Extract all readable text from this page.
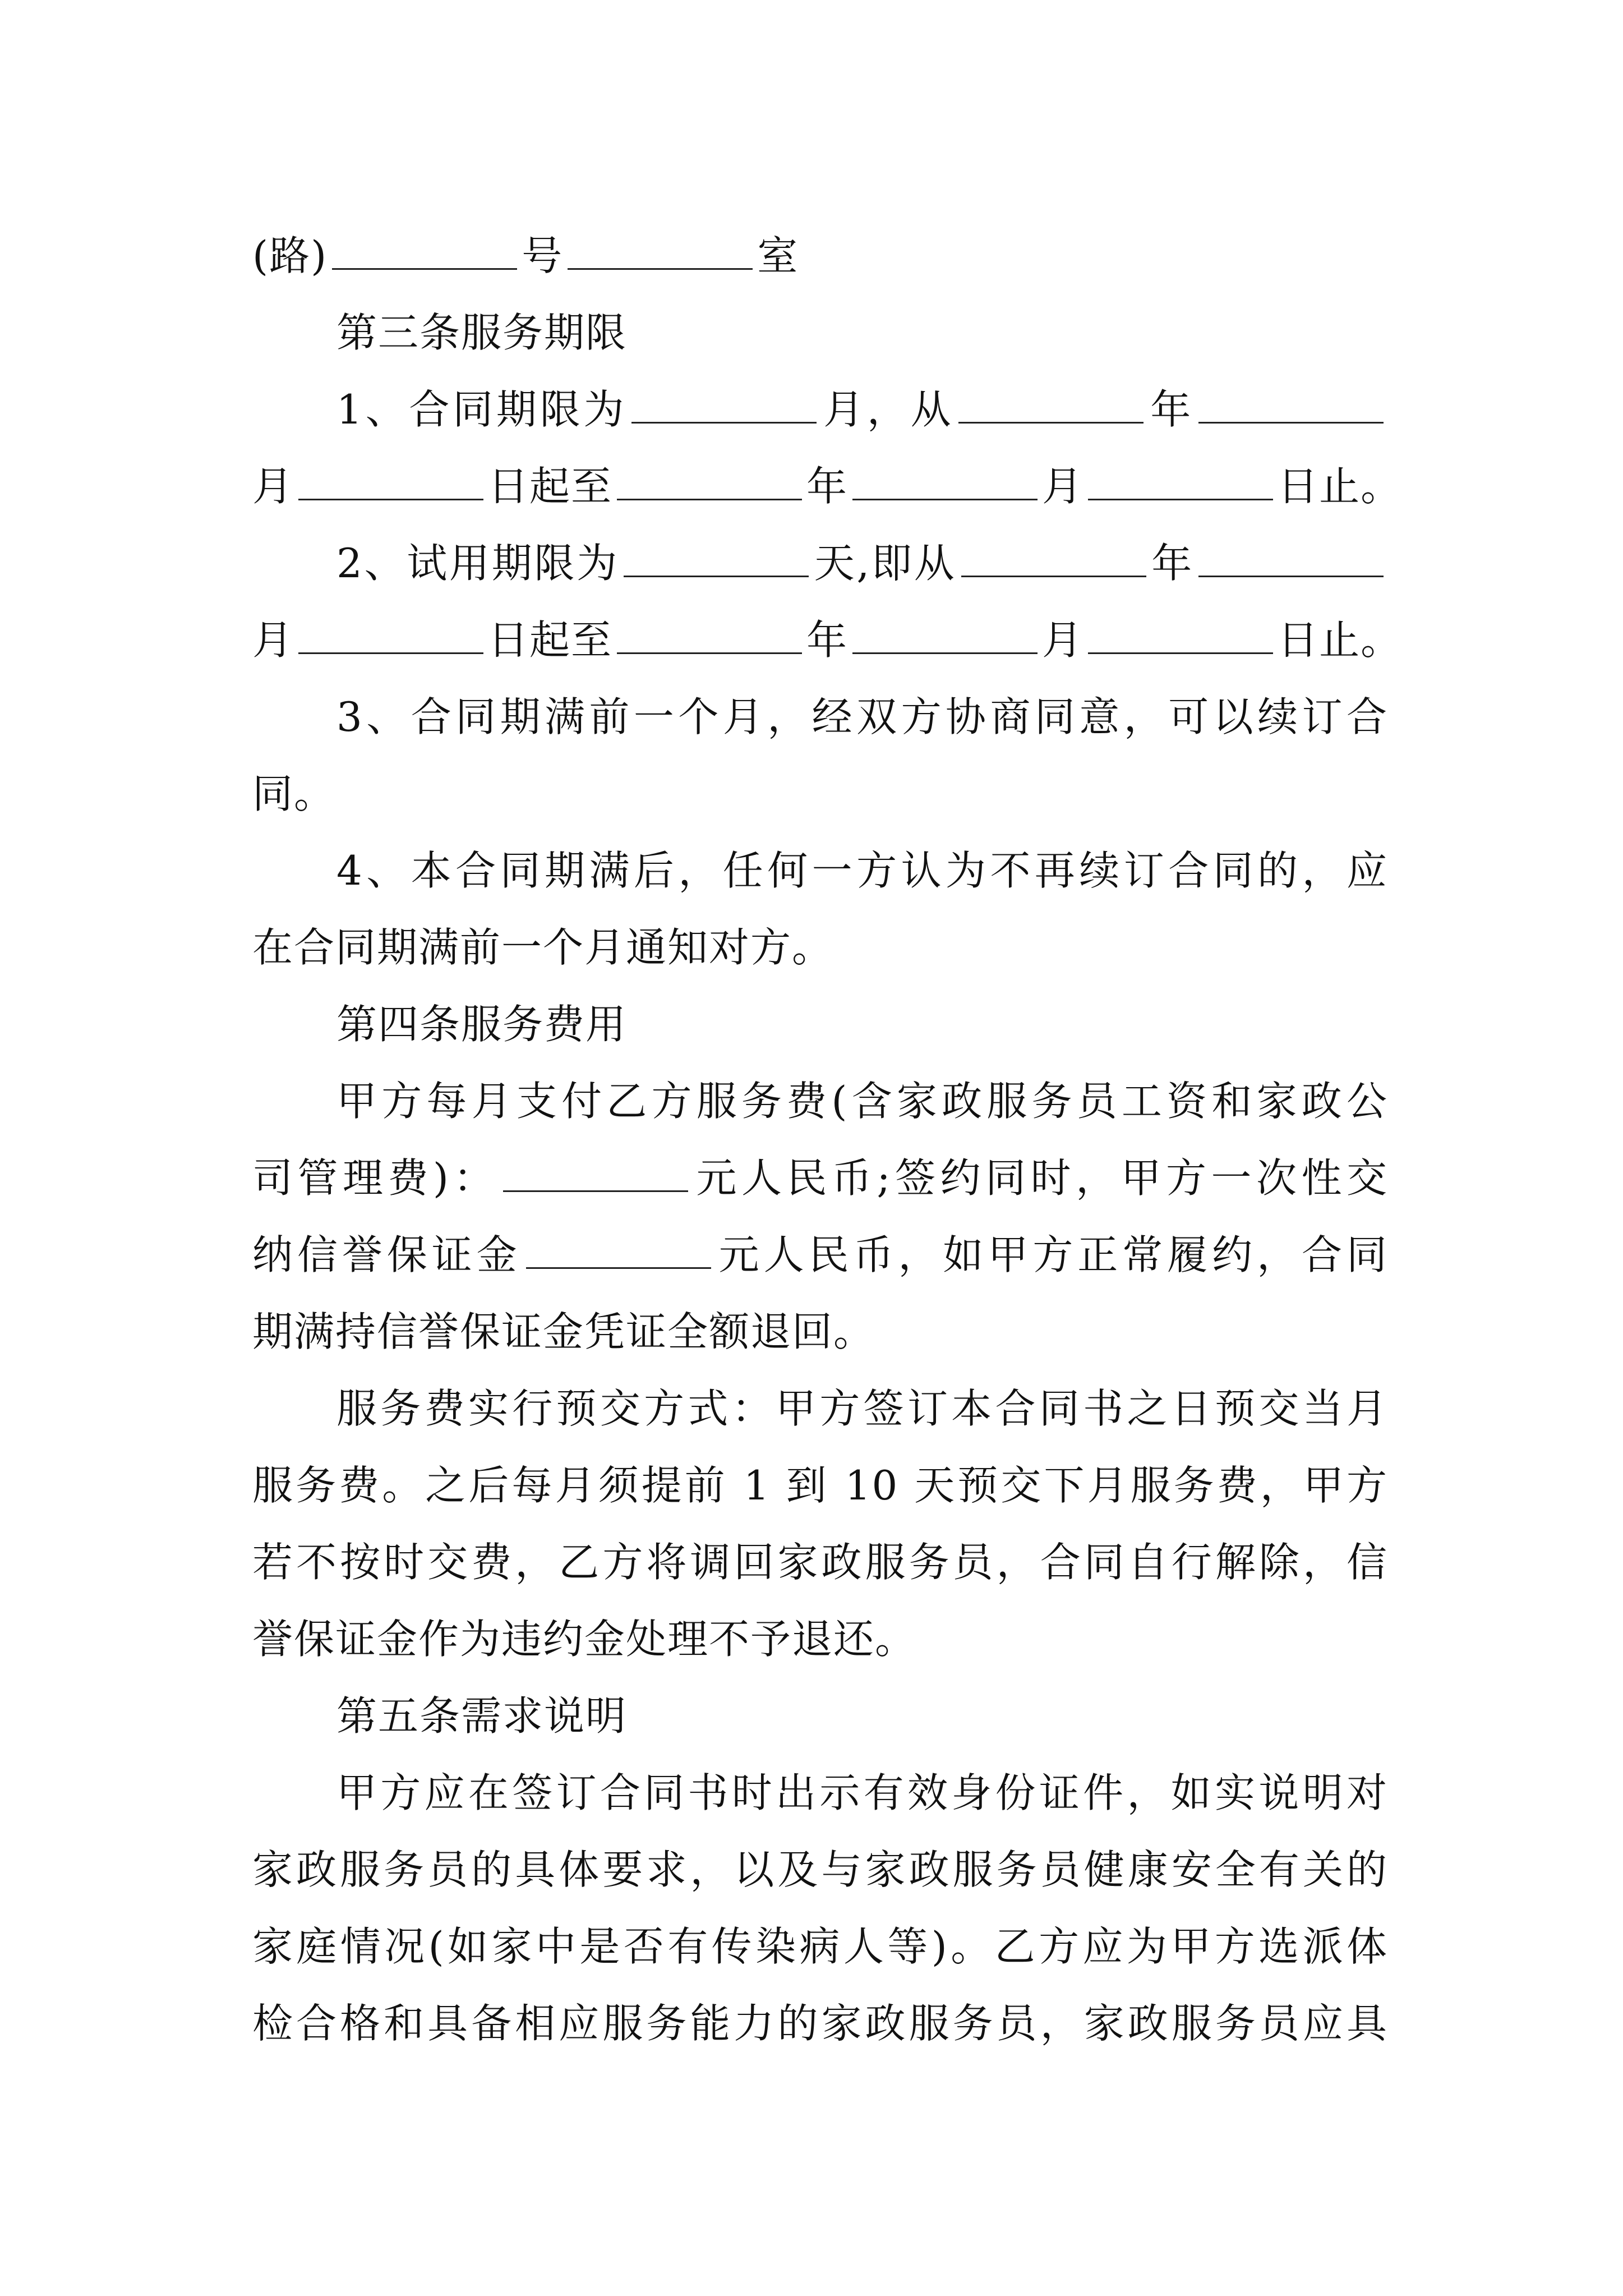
(路)	号	室
第三条服务期限
1、合同期限为	月，从	年
月	日起至	年	月	日止。
2、试用期限为	天,即从	年
月	日起至	年	月	日止。
3、合同期满前一个月，经双方协商同意，可以续订合
同。
4、本合同期满后，任何一方认为不再续订合同的，应
在合同期满前一个月通知对方。
第四条服务费用
甲方每月支付乙方服务费(含家政服务员工资和家政公
司管理费)：	元人民币;签约同时，甲方一次性交
纳信誉保证金	元人民币，如甲方正常履约，合同
期满持信誉保证金凭证全额退回。
服务费实行预交方式：甲方签订本合同书之日预交当月
服务费。之后每月须提前 1 到 10 天预交下月服务费，甲方
若不按时交费，乙方将调回家政服务员，合同自行解除，信
誉保证金作为违约金处理不予退还。
第五条需求说明
甲方应在签订合同书时出示有效身份证件，如实说明对
家政服务员的具体要求，以及与家政服务员健康安全有关的
家庭情况(如家中是否有传染病人等)。乙方应为甲方选派体
检合格和具备相应服务能力的家政服务员，家政服务员应具
